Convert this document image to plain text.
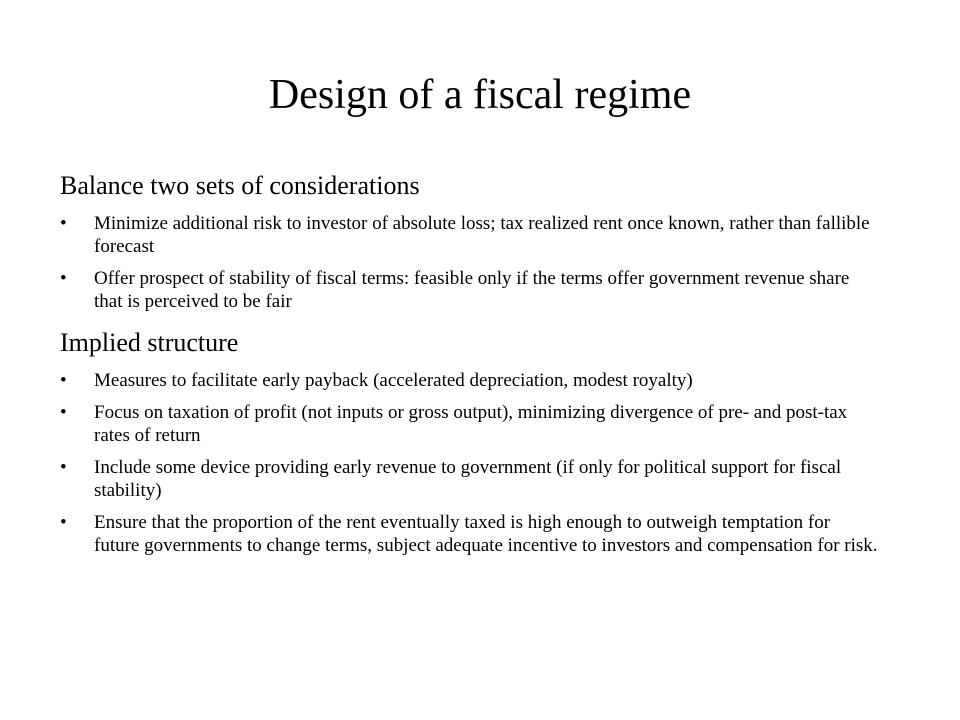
Design of a fiscal regime
Balance two sets of considerations
•	Minimize additional risk to investor of absolute loss; tax realized rent once known, rather than fallible forecast
•	Offer prospect of stability of fiscal terms: feasible only if the terms offer government revenue share that is perceived to be fair
Implied structure
•	Measures to facilitate early payback (accelerated depreciation, modest royalty)
•	Focus on taxation of profit (not inputs or gross output), minimizing divergence of pre- and post-tax rates of return
•	Include some device providing early revenue to government (if only for political support for fiscal stability)
•	Ensure that the proportion of the rent eventually taxed is high enough to outweigh temptation for future governments to change terms, subject adequate incentive to investors and compensation for risk.
